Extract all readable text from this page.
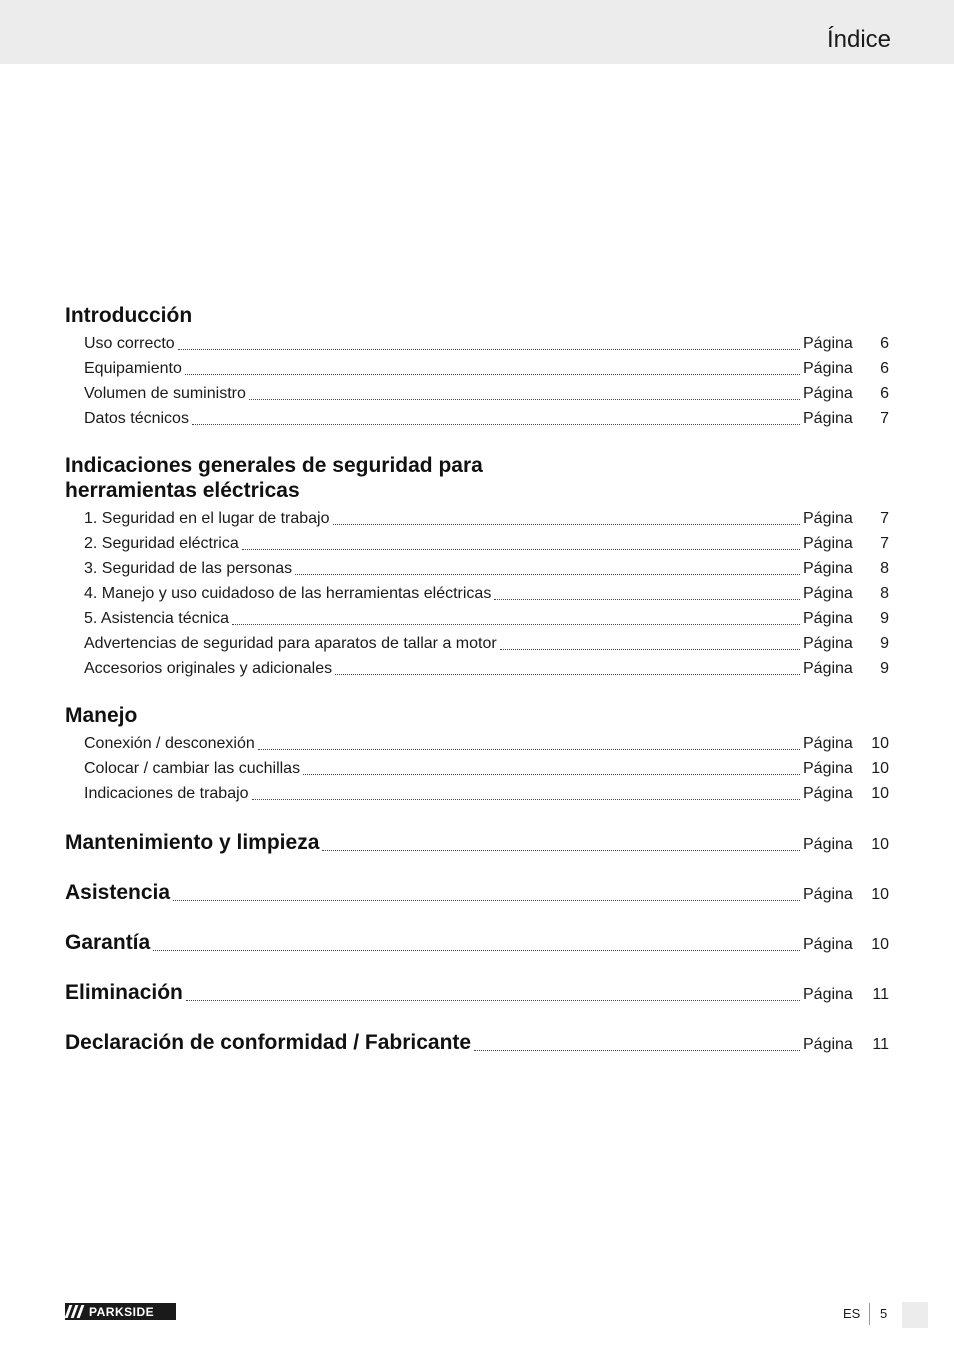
Índice
Introducción
Uso correcto	Página	6
Equipamiento	Página	6
Volumen de suministro	Página	6
Datos técnicos	Página	7
Indicaciones generales de seguridad para
herramientas eléctricas
1. Seguridad en el lugar de trabajo	Página	7
2. Seguridad eléctrica	Página	7
3. Seguridad de las personas	Página	8
4. Manejo y uso cuidadoso de las herramientas eléctricas	Página	8
5. Asistencia técnica	Página	9
Advertencias de seguridad para aparatos de tallar a motor	Página	9
Accesorios originales y adicionales	Página	9
Manejo
Conexión / desconexión	Página	10
Colocar / cambiar las cuchillas	Página	10
Indicaciones de trabajo	Página	10
Mantenimiento y limpieza	Página	10
Asistencia	Página	10
Garantía	Página	10
Eliminación	Página	11
Declaración de conformidad / Fabricante	Página	11
PARKSIDE	ES 5
